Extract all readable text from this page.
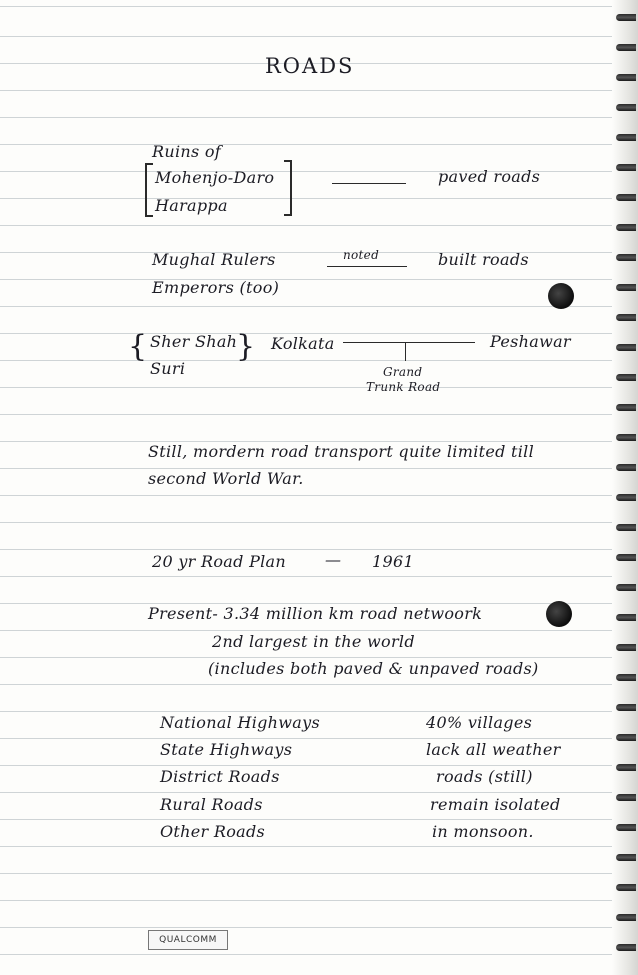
ROADS
Ruins of
Mohenjo-Daro
Harappa
paved roads
Mughal Rulers
Emperors (too)
noted	built roads
{ Sher Shah
Suri
} Kolkata	Peshawar
Grand
Trunk Road
Still, mordern road transport quite limited till
second World War.
20 yr Road Plan — 1961
Present- 3.34 million km road netwoork
2nd largest in the world
(includes both paved & unpaved roads)
National Highways
State Highways
District Roads
Rural Roads
Other Roads
40% villages
lack all weather
roads (still)
remain isolated
in monsoon.
QUALCOMM
